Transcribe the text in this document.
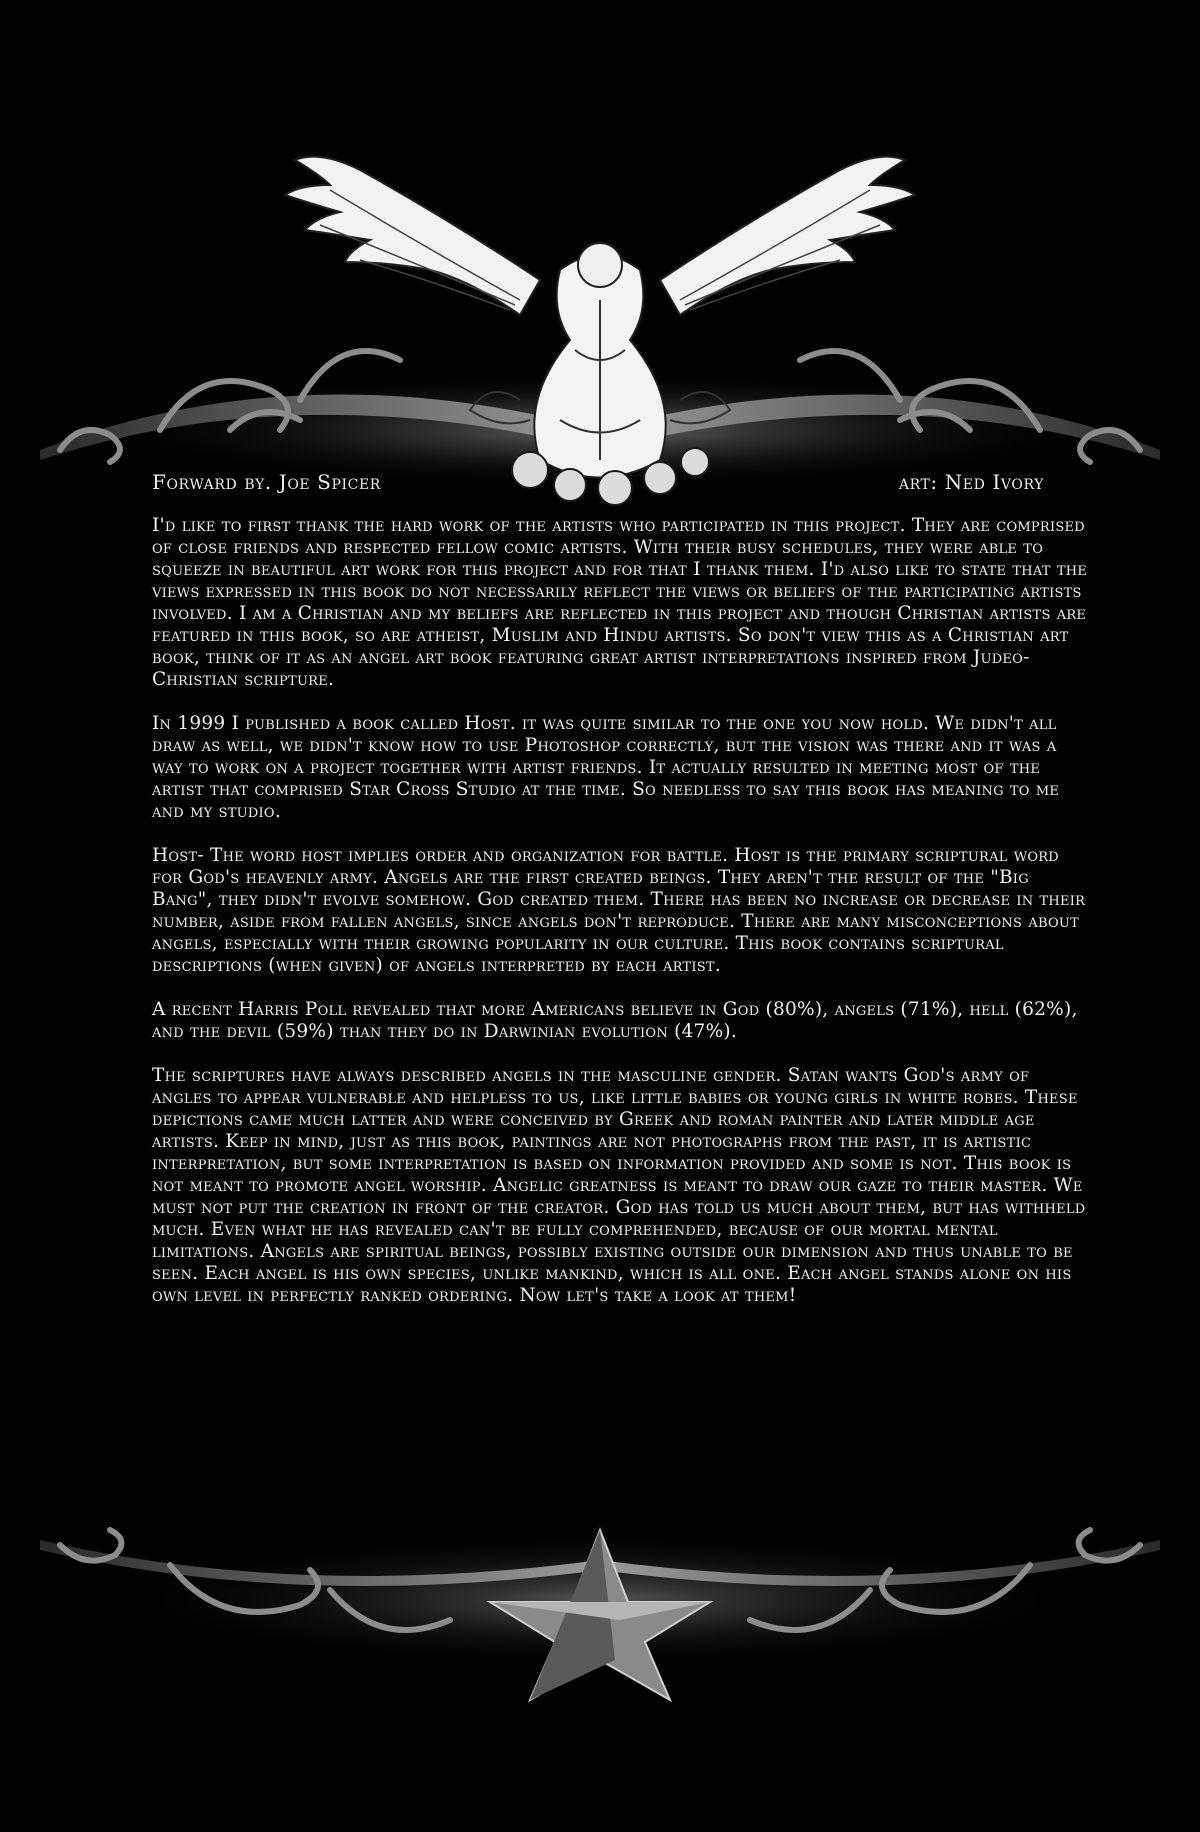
Forward by. Joe Spicer	art: Ned Ivory

I'd like to first thank the hard work of the artists who participated in this project. They are comprised of close friends and respected fellow comic artists. With their busy schedules, they were able to squeeze in beautiful art work for this project and for that I thank them. I'd also like to state that the views expressed in this book do not necessarily reflect the views or beliefs of the participating artists involved. I am a Christian and my beliefs are reflected in this project and though Christian artists are featured in this book, so are atheist, Muslim and Hindu artists. So don't view this as a Christian art book, think of it as an angel art book featuring great artist interpretations inspired from Judeo-Christian scripture.

In 1999 I published a book called Host. it was quite similar to the one you now hold. We didn't all draw as well, we didn't know how to use Photoshop correctly, but the vision was there and it was a way to work on a project together with artist friends. It actually resulted in meeting most of the artist that comprised Star Cross Studio at the time. So needless to say this book has meaning to me and my studio.

Host- The word host implies order and organization for battle. Host is the primary scriptural word for God's heavenly army. Angels are the first created beings. They aren't the result of the "Big Bang", they didn't evolve somehow. God created them. There has been no increase or decrease in their number, aside from fallen angels, since angels don't reproduce. There are many misconceptions about angels, especially with their growing popularity in our culture. This book contains scriptural descriptions (when given) of angels interpreted by each artist.

A recent Harris Poll revealed that more Americans believe in God (80%), angels (71%), hell (62%), and the devil (59%) than they do in Darwinian evolution (47%).

The scriptures have always described angels in the masculine gender. Satan wants God's army of angles to appear vulnerable and helpless to us, like little babies or young girls in white robes. These depictions came much latter and were conceived by Greek and roman painter and later middle age artists. Keep in mind, just as this book, paintings are not photographs from the past, it is artistic interpretation, but some interpretation is based on information provided and some is not. This book is not meant to promote angel worship. Angelic greatness is meant to draw our gaze to their master. We must not put the creation in front of the creator. God has told us much about them, but has withheld much. Even what he has revealed can't be fully comprehended, because of our mortal mental limitations. Angels are spiritual beings, possibly existing outside our dimension and thus unable to be seen. Each angel is his own species, unlike mankind, which is all one. Each angel stands alone on his own level in perfectly ranked ordering. Now let's take a look at them!
